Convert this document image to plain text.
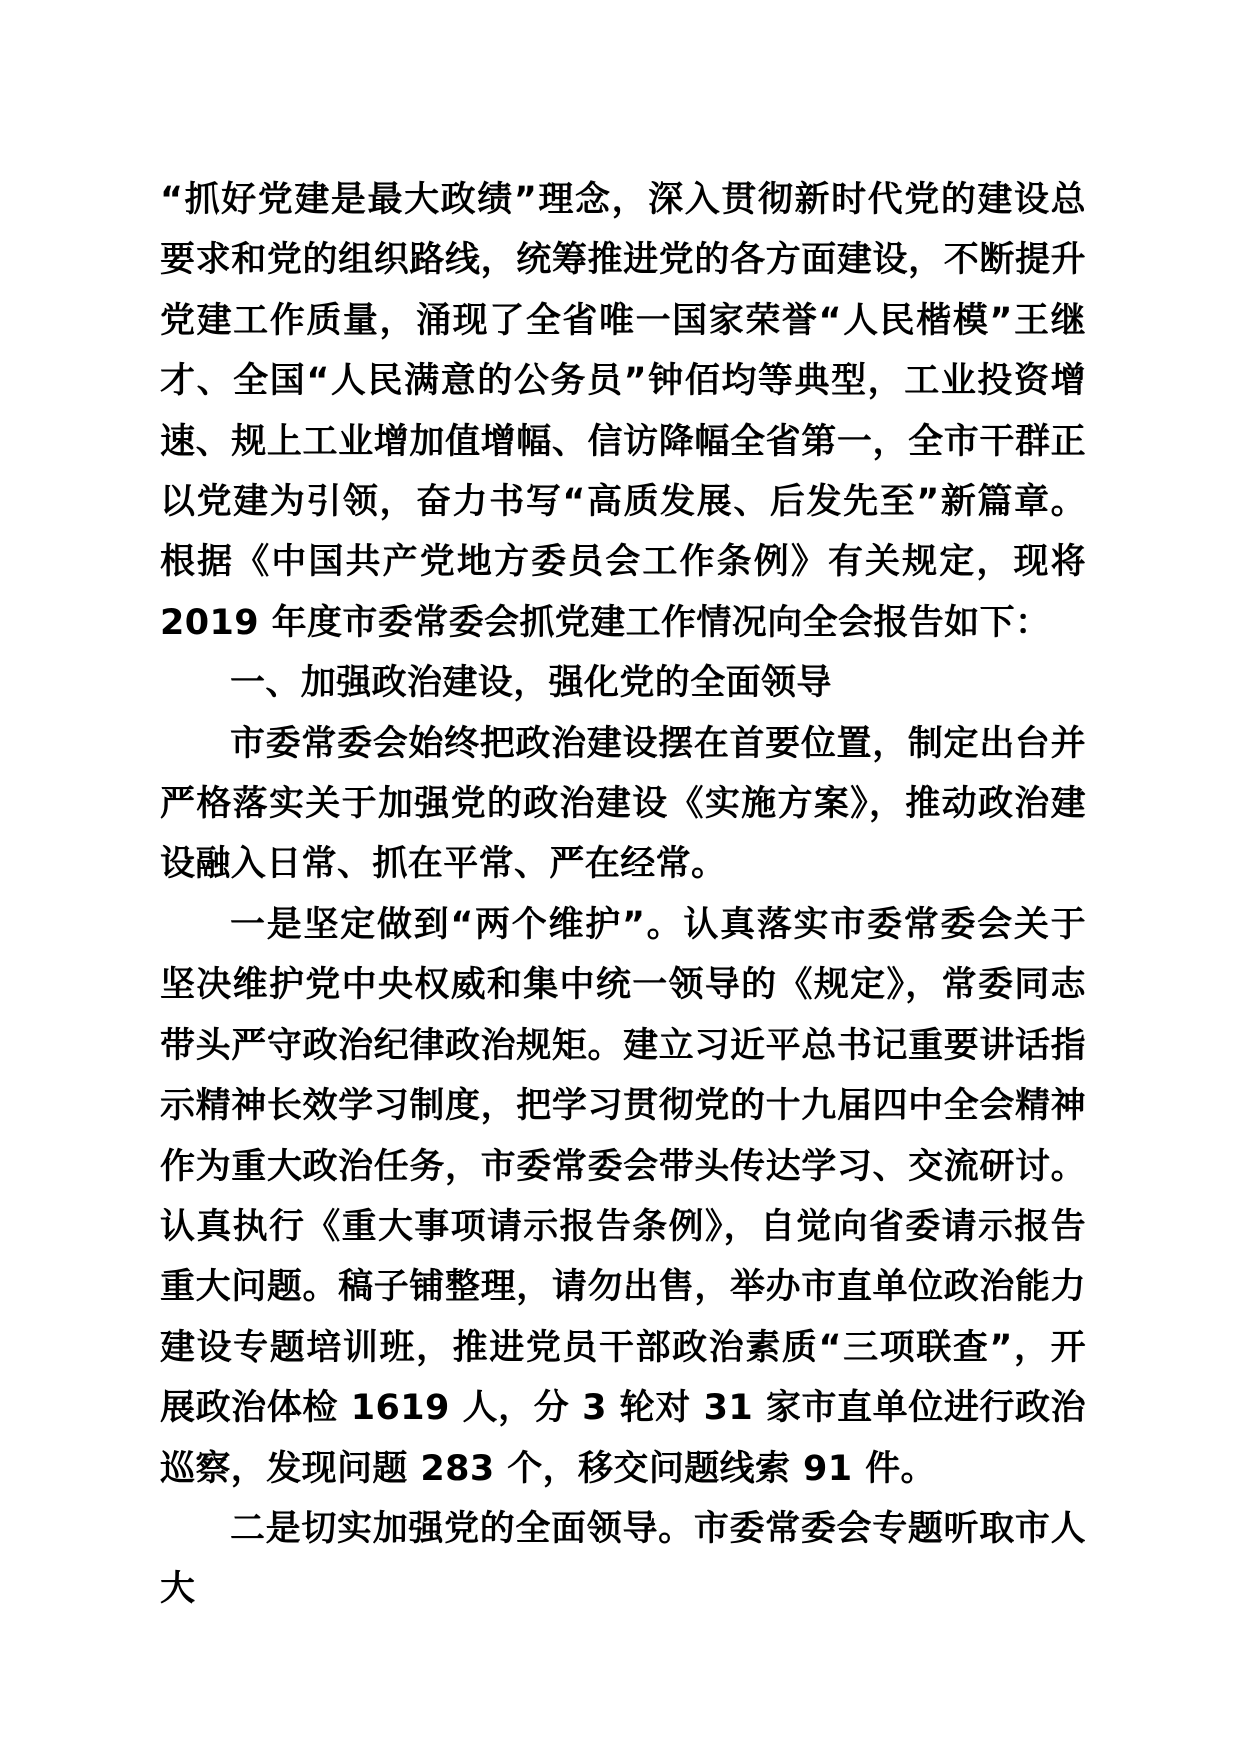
“抓好党建是最大政绩”理念，深入贯彻新时代党的建设总要求和党的组织路线，统筹推进党的各方面建设，不断提升党建工作质量，涌现了全省唯一国家荣誉“人民楷模”王继才、全国“人民满意的公务员”钟佰均等典型，工业投资增速、规上工业增加值增幅、信访降幅全省第一，全市干群正以党建为引领，奋力书写“高质发展、后发先至”新篇章。根据《中国共产党地方委员会工作条例》有关规定，现将 2019 年度市委常委会抓党建工作情况向全会报告如下：

一、加强政治建设，强化党的全面领导

市委常委会始终把政治建设摆在首要位置，制定出台并严格落实关于加强党的政治建设《实施方案》，推动政治建设融入日常、抓在平常、严在经常。

一是坚定做到“两个维护”。认真落实市委常委会关于坚决维护党中央权威和集中统一领导的《规定》，常委同志带头严守政治纪律政治规矩。建立习近平总书记重要讲话指示精神长效学习制度，把学习贯彻党的十九届四中全会精神作为重大政治任务，市委常委会带头传达学习、交流研讨。认真执行《重大事项请示报告条例》，自觉向省委请示报告重大问题。稿子铺整理，请勿出售，举办市直单位政治能力建设专题培训班，推进党员干部政治素质“三项联查”，开展政治体检 1619 人，分 3 轮对 31 家市直单位进行政治巡察，发现问题 283 个，移交问题线索 91 件。

二是切实加强党的全面领导。市委常委会专题听取市人大
